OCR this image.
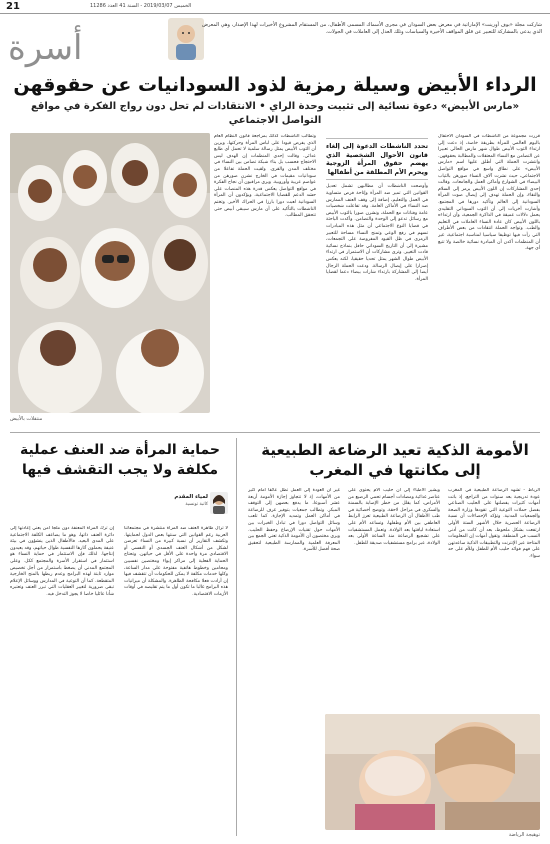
21	الخميس 2019/03/07 - السنة 41 العدد 11286
أسرة
شاركت مجلة «بوف أورينت» الإماراتية في معرض بعض السودان في مجرى الأسماك المسمى الأطفال، من المستقام المشروع الأخيرات لهذا الإصدار، وهي المعرض الذي يدعى بالمشاركة للتعبير عن قلق المواقف الأخيرة والسياسات وتلك العدل إلى العاملات في الجولات.
الرداء الأبيض وسيلة رمزية لذود السودانيات عن حقوقهن
«مارس الأبيض» دعوة نسائية إلى تثبيت وحدة الراي • الانتقادات لم تحل دون رواج الفكرة في مواقع التواصل الاجتماعي
منتقلات بالأبيض

قررت مجموعة من الناشطات في السودان الاحتفال باليوم العالمي للمرأة بطريقة خاصة، إذ دعت إلى ارتداء الثوب الأبيض طوال شهر مارس الحالي تعبيرا عن التضامن مع النساء المعتقلات والمطالبة بحقوقهن. وانتشرت الحملة التي أطلق عليها اسم «مارس الأبيض» على نطاق واسع في مواقع التواصل الاجتماعي، حيث نشرت آلاف النساء صورهن بالثياب البيضاء في الشوارع وأماكن العمل والجامعات. وقالت إحدى المشاركات إن اللون الأبيض يرمز إلى السلام والنقاء، وإن الحملة تهدف إلى إيصال صوت المرأة السودانية إلى العالم وتأكيد دورها في المجتمع. وأشارت أخريات إلى أن الثوب السوداني التقليدي يحمل دلالات عميقة في الذاكرة الجمعية، وأن ارتداءه باللون الأبيض كان عادة النساء العاملات في التعليم والطب. وتواجه الحملة انتقادات من بعض الأطراف التي رأت فيها توظيفا سياسيا لمناسبة اجتماعية، غير أن المنظمات أكدن أن المبادرة نسائية خالصة ولا تتبع أي جهة.

تحدد الناشطات الدعوة إلى إلغاء قانون الأحوال الشخصية الذي يهضم حقوق المرأة الزوجية ويحرم الأم المطلقة من أطفالها

وأوضحت الناشطات أن مطالبهن تشمل تعديل القوانين التي تميز ضد المرأة وإتاحة فرص متساوية في العمل والتعليم، إضافة إلى وقف العنف الممارس ضد النساء في الأماكن العامة. وقد تفاعلت شخصيات عامة وفنانات مع الحملة، ونشرن صورا بالثوب الأبيض مع رسائل تدعو إلى الوحدة والتضامن. وأكدت الباحثة في قضايا النوع الاجتماعي أن مثل هذه المبادرات تسهم في رفع الوعي وتمنح النساء مساحة للتعبير الرمزي في ظل القيود المفروضة على التجمعات، مشيرة إلى أن التاريخ السوداني حافل بنماذج نسائية قادت التغيير. وترى مشاركات أن الاستمرار في ارتداء الأبيض طوال الشهر يمثل تحديا حقيقيا، لكنه يعكس إصرارا على إيصال الرسالة. ودعت الحملة الرجال أيضا إلى المشاركة بارتداء شارات بيضاء دعما لقضايا المرأة.

وتطالب الناشطات كذلك بمراجعة قانون النظام العام الذي يفرض قيودا على لباس المرأة وحركتها، ويرين أن الثوب الأبيض يمثل رسالة سلمية لا تحمل أي طابع عدائي. وقالت إحدى المنظمات إن الهدف ليس الاحتجاج فحسب بل بناء شبكة تضامن بين النساء في مختلف المدن والقرى. ولقيت الحملة تفاعلا من سودانيات مقيمات في الخارج نشرن صورهن من عواصم عربية وأوروبية. ويرى مراقبون أن نجاح الفكرة في مواقع التواصل يعكس قدرة هذه المنصات على حشد الدعم للقضايا الاجتماعية، ويؤكدون أن المرأة السودانية لعبت دورا بارزا في الحراك الأخير. وتختم الناشطات بالتأكيد على أن مارس سيبقى أبيض حتى تتحقق المطالب.

الأمومة الذكية تعيد الرضاعة الطبيعية إلى مكانتها في المغرب

الرباط - تشهد الرضاعة الطبيعية في المغرب عودة تدريجية بعد سنوات من التراجع، إذ باتت أمهات كثيرات يفضلنها على الحليب الصناعي بفضل حملات التوعية التي تقودها وزارة الصحة والجمعيات المدنية. وتؤكد الإحصاءات أن نسبة الرضاعة الحصرية خلال الأشهر الستة الأولى ارتفعت بشكل ملحوظ، بعد أن كانت من أدنى النسب في المنطقة. وتقول أمهات إن المعلومات المتاحة عبر الإنترنت والتطبيقات الذكية ساعدتهن على فهم فوائد حليب الأم للطفل وللأم على حد سواء.

ويشير الأطباء إلى أن حليب الأم يحتوي على عناصر غذائية ومضادات أجسام تحمي الرضيع من الأمراض، كما يقلل من خطر الإصابة بالسمنة والسكري في مراحل لاحقة. وتوضح أخصائية في طب الأطفال أن الرضاعة الطبيعية تعزز الرابط العاطفي بين الأم وطفلها، وتساعد الأم على استعادة لياقتها بعد الولادة. وتعمل المستشفيات على تشجيع الرضاعة منذ الساعة الأولى بعد الولادة، عبر برامج مستشفيات صديقة للطفل.

غير أن العودة إلى العمل تظل عائقا أمام كثير من الأمهات، إذ لا تتجاوز إجازة الأمومة أربعة عشر أسبوعا، ما يدفع بعضهن إلى التوقف المبكر. وتطالب جمعيات بتوفير غرف للرضاعة في أماكن العمل وتمديد الإجازة. كما تلعب وسائل التواصل دورا في تبادل الخبرات بين الأمهات حول تقنيات الإرضاع وحفظ الحليب. ويرى مختصون أن الأمومة الذكية تعني الجمع بين المعرفة العلمية والممارسة الطبيعية لتحقيق صحة أفضل للأسرة.

توهيجة الرياضة
حماية المرأة ضد العنف عملية مكلفة ولا يجب التقشف فيها
لمياء المقدم
كاتبة تونسية

إن ترك المرأة المعنفة دون ملجأ آمن يعني إعادتها إلى دائرة العنف ذاتها، وهو ما يضاعف الكلفة الاجتماعية على المدى البعيد. فالأطفال الذين ينشؤون في بيئة عنيفة يحملون آثارها النفسية طوال حياتهم، وقد يعيدون إنتاجها. لذلك فإن الاستثمار في حماية النساء هو استثمار في استقرار الأسرة والمجتمع ككل. وعلى المجتمع المدني أن يضغط باستمرار من أجل تخصيص موارد ثابتة لهذه البرامج وعدم ربطها بالمنح الخارجية المتقطعة. كما أن التوعية في المدارس ووسائل الإعلام تبقى ضرورية لتغيير العقليات التي تبرر العنف وتعتبره شأنا عائليا خاصا لا يجوز التدخل فيه.

لا تزال ظاهرة العنف ضد المرأة منتشرة في مجتمعاتنا العربية رغم القوانين التي سنتها بعض الدول لحمايتها. وتكشف التقارير أن نسبة كبيرة من النساء تعرضن لشكل من أشكال العنف الجسدي أو النفسي أو الاقتصادي مرة واحدة على الأقل في حياتهن. وتحتاج الحماية الفعلية إلى مراكز إيواء ومختصين نفسيين ومحامين وخطوط هاتفية مفتوحة على مدار الساعة، وكلها خدمات مكلفة لا يمكن للحكومات أن تتقشف فيها إن أرادت فعلا مكافحة الظاهرة. والمشكلة أن ميزانيات هذه البرامج غالبا ما تكون أول ما يتم تقليصه في أوقات الأزمات الاقتصادية.
